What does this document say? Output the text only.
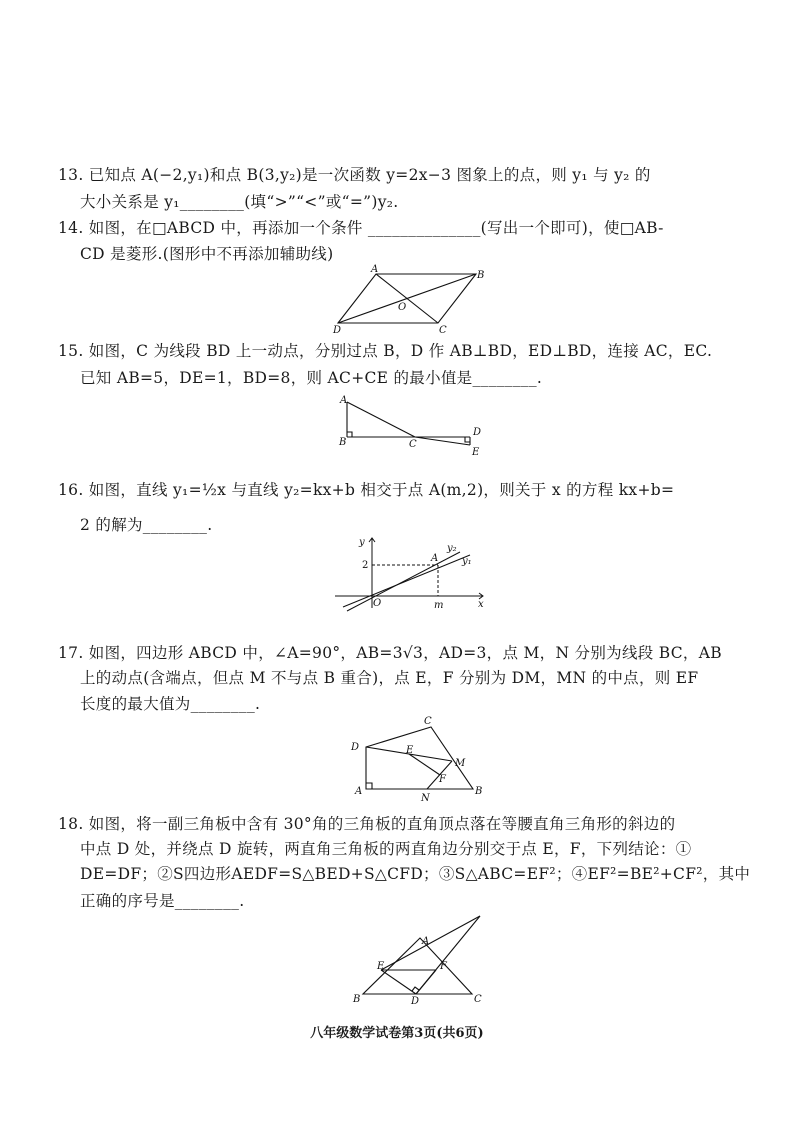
13. 已知点 A(−2,y₁)和点 B(3,y₂)是一次函数 y=2x−3 图象上的点，则 y₁ 与 y₂ 的
大小关系是 y₁________(填“>”“<”或“=”)y₂.
14. 如图，在□ABCD 中，再添加一个条件 ______________(写出一个即可)，使□AB-
CD 是菱形.(图形中不再添加辅助线)
A
B
C
D
O
15. 如图，C 为线段 BD 上一动点，分别过点 B，D 作 AB⊥BD，ED⊥BD，连接 AC，EC.
已知 AB=5，DE=1，BD=8，则 AC+CE 的最小值是________.
A
B	C
D
E
16. 如图，直线 y₁=½x 与直线 y₂=kx+b 相交于点 A(m,2)，则关于 x 的方程 kx+b=
2 的解为________.
y
x
O
2
m
A y₁
y₂
17. 如图，四边形 ABCD 中，∠A=90°，AB=3√3，AD=3，点 M，N 分别为线段 BC，AB
上的动点(含端点，但点 M 不与点 B 重合)，点 E，F 分别为 DM，MN 的中点，则 EF
长度的最大值为________.
C
D	E
M
F
A
N
B
18. 如图，将一副三角板中含有 30°角的三角板的直角顶点落在等腰直角三角形的斜边的
中点 D 处，并绕点 D 旋转，两直角三角板的两直角边分别交于点 E，F，下列结论：①
DE=DF；②S四边形AEDF=S△BED+S△CFD；③S△ABC=EF²；④EF²=BE²+CF²，其中
正确的序号是________.
A
E	F
B	D	C
八年级数学试卷第3页(共6页)
